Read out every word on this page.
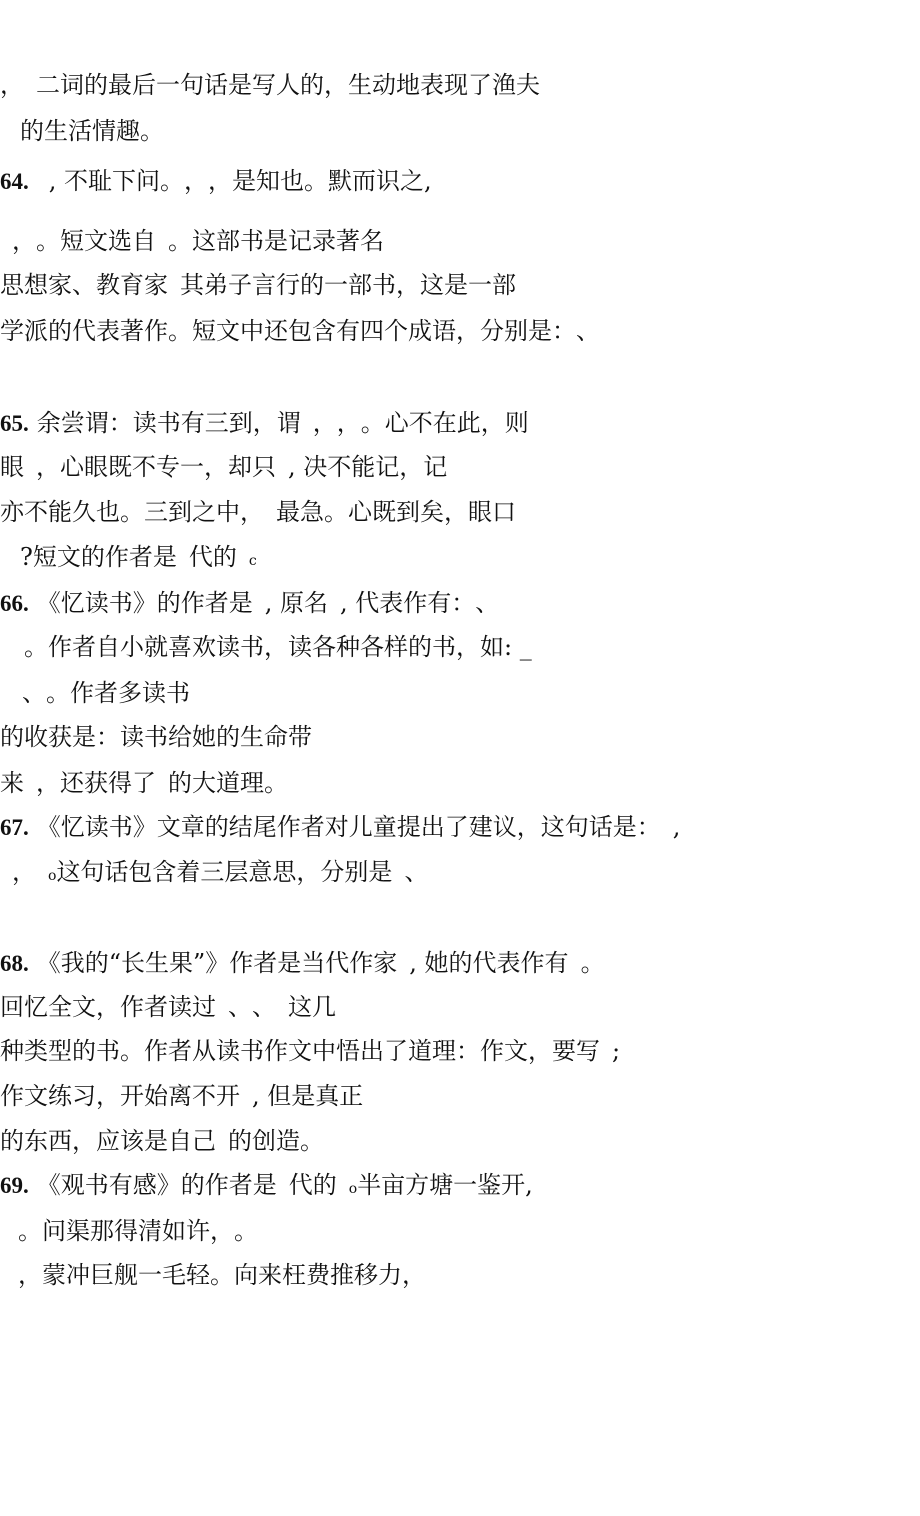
， 二词的最后一句话是写人的，生动地表现了渔夫
的生活情趣。
64. , 不耻下问。 ， ，是知也。默而识之,
， 。短文选自 。这部书是记录著名
思想家、教育家 其弟子言行的一部书，这是一部
学派的代表著作。短文中还包含有四个成语，分别是： 、
65. 余尝谓：读书有三到，谓 ， ， 。心不在此，则
眼 ，心眼既不专一，却只 , 决不能记，记
亦不能久也。三到之中， 最急。心既到矣，眼口
?短文的作者是 代的 c
66. 《忆读书》的作者是 , 原名 , 代表作有： 、
。作者自小就喜欢读书，读各种各样的书，如: _
、 。作者多读书
的收获是：读书给她的生命带
来 ，还获得了 的大道理。
67. 《忆读书》文章的结尾作者对儿童提出了建议，这句话是： ,
， o这句话包含着三层意思，分别是 、
68. 《我的“长生果”》作者是当代作家 , 她的代表作有 。
回忆全文，作者读过 、 、 这几
种类型的书。作者从读书作文中悟出了道理：作文，要写 ;
作文练习，开始离不开 , 但是真正
的东西，应该是自己 的创造。
69. 《观书有感》的作者是 代的 o半亩方塘一鉴开,
。问渠那得清如许， 。
，蒙冲巨舰一毛轻。向来枉费推移力，
